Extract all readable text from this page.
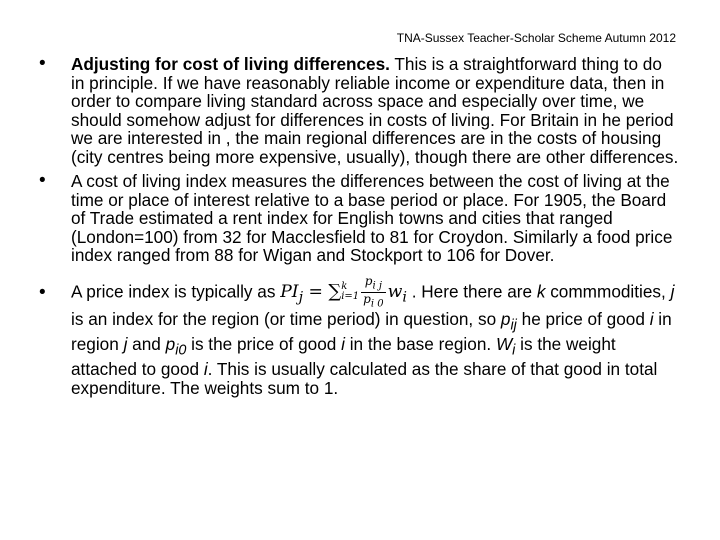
TNA-Sussex Teacher-Scholar Scheme Autumn 2012
• Adjusting for cost of living differences. This is a straightforward thing to do in principle. If we have reasonably reliable income or expenditure data, then in order to compare living standard across space and especially over time, we should somehow adjust for differences in costs of living. For Britain in he period we are interested in , the main regional differences are in the costs of housing (city centres being more expensive, usually), though there are other differences.
• A cost of living index measures the differences between the cost of living at the time or place of interest relative to a base period or place. For 1905, the Board of Trade estimated a rent index for English towns and cities that ranged (London=100) from 32 for Macclesfield to 81 for Croydon. Similarly a food price index ranged from 88 for Wigan and Stockport to 106 for Dover.
• A price index is typically as $PI_j$ = ∑ k
$i=1 \frac{p_{i j}}{p_{i 0}} w_i$ . Here there are k commmodities, j is an index for the region (or time period) in question, so $p_{ij}$ he price of good i in region j and $p_{i0}$ is the price of good i in the base region. $W_i$ is the weight attached to good i. This is usually calculated as the share of that good in total expenditure. The weights sum to 1.
